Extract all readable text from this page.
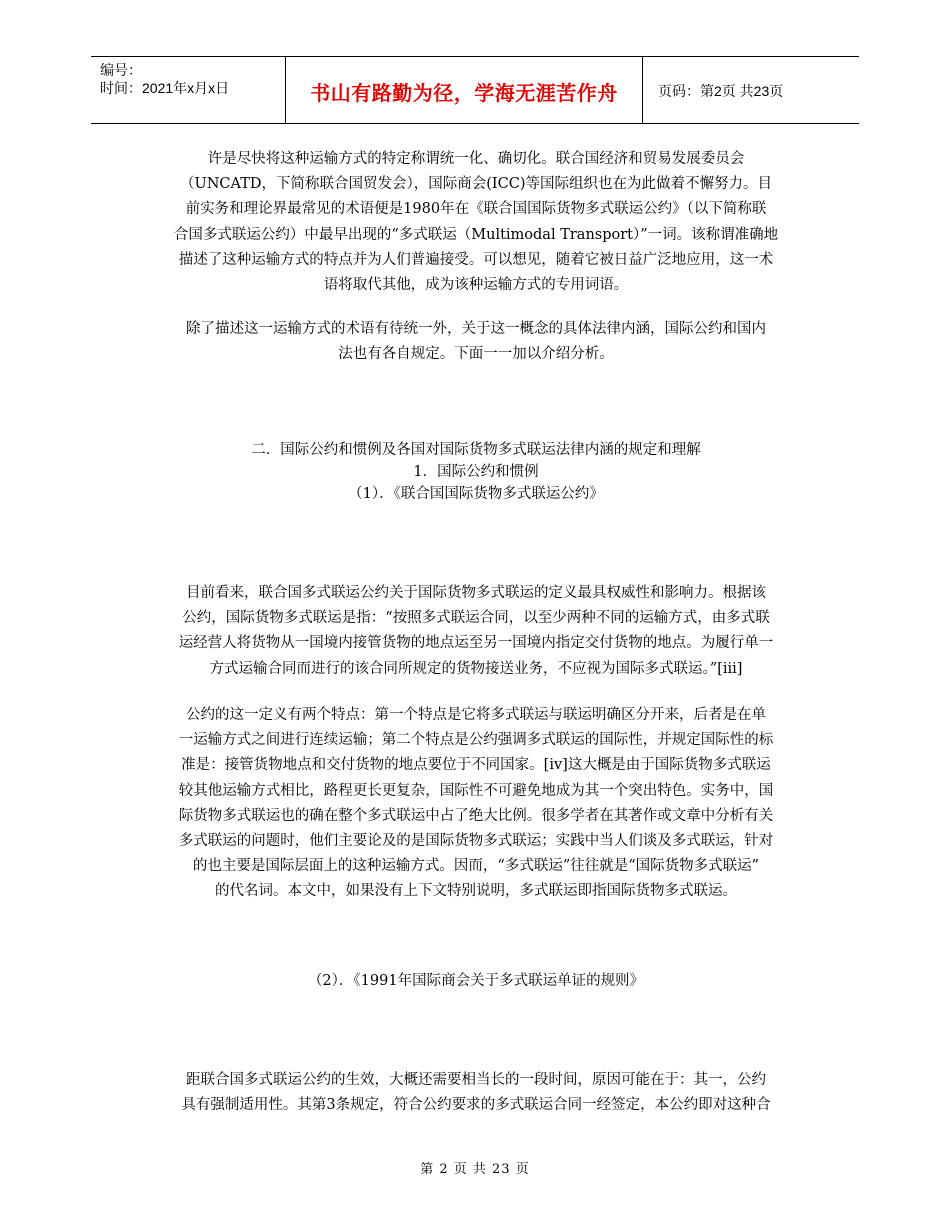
编号：
时间：2021年x月x日	书山有路勤为径，学海无涯苦作舟	页码：第2页 共23页
许是尽快将这种运输方式的特定称谓统一化、确切化。联合国经济和贸易发展委员会
（UNCATD，下简称联合国贸发会），国际商会(ICC)等国际组织也在为此做着不懈努力。目
前实务和理论界最常见的术语便是1980年在《联合国国际货物多式联运公约》（以下简称联
合国多式联运公约）中最早出现的“多式联运（Multimodal Transport）”一词。该称谓准确地
描述了这种运输方式的特点并为人们普遍接受。可以想见，随着它被日益广泛地应用，这一术
语将取代其他，成为该种运输方式的专用词语。
除了描述这一运输方式的术语有待统一外，关于这一概念的具体法律内涵，国际公约和国内
法也有各自规定。下面一一加以介绍分析。
二．国际公约和惯例及各国对国际货物多式联运法律内涵的规定和理解
1．国际公约和惯例
（1）．《联合国国际货物多式联运公约》
目前看来，联合国多式联运公约关于国际货物多式联运的定义最具权威性和影响力。根据该
公约，国际货物多式联运是指：“按照多式联运合同，以至少两种不同的运输方式，由多式联
运经营人将货物从一国境内接管货物的地点运至另一国境内指定交付货物的地点。为履行单一
方式运输合同而进行的该合同所规定的货物接送业务，不应视为国际多式联运。”[iii]
公约的这一定义有两个特点：第一个特点是它将多式联运与联运明确区分开来，后者是在单
一运输方式之间进行连续运输；第二个特点是公约强调多式联运的国际性，并规定国际性的标
准是：接管货物地点和交付货物的地点要位于不同国家。[iv]这大概是由于国际货物多式联运
较其他运输方式相比，路程更长更复杂，国际性不可避免地成为其一个突出特色。实务中，国
际货物多式联运也的确在整个多式联运中占了绝大比例。很多学者在其著作或文章中分析有关
多式联运的问题时，他们主要论及的是国际货物多式联运；实践中当人们谈及多式联运，针对
的也主要是国际层面上的这种运输方式。因而，“多式联运”往往就是“国际货物多式联运”
的代名词。本文中，如果没有上下文特别说明，多式联运即指国际货物多式联运。
（2）．《1991年国际商会关于多式联运单证的规则》
距联合国多式联运公约的生效，大概还需要相当长的一段时间，原因可能在于：其一，公约
具有强制适用性。其第3条规定，符合公约要求的多式联运合同一经签定，本公约即对这种合
第 2 页 共 23 页
